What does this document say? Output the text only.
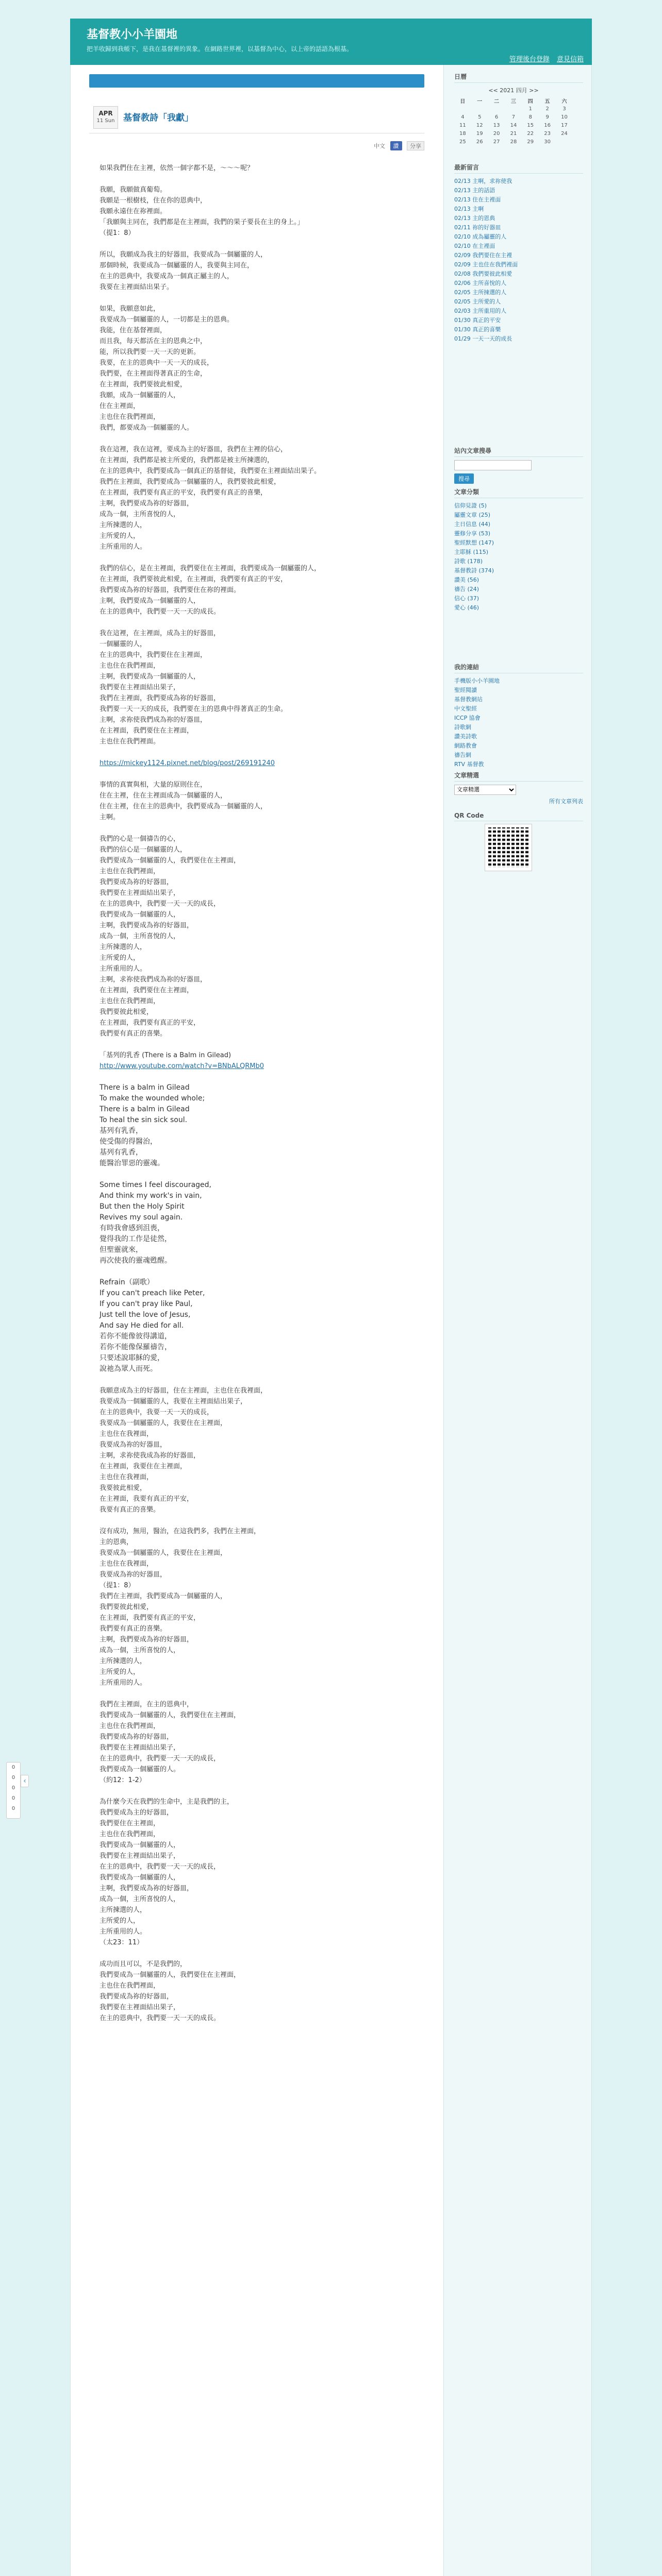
基督教小小羊園地
把羊收歸到我帳下，是我在基督裡的異象。在網路世界裡，以基督為中心，以上帝的話語為根基。
管理後台登錄 意見信箱
APR
11 Sun 基督教詩「我獻」
中文 讚 分享

如果我們住在主裡，依然一個字都不是，～～～呢？

我願，我願做真葡萄。
我願是一根樹枝，住在你的恩典中，
我願永遠住在祢裡面。
「我願與主同在，我們都是在主裡面，我們的果子要長在主的身上。」
（提1：8）

所以，我願成為我主的好器皿，我要成為一個屬靈的人，
那個時候，我要成為一個屬靈的人，我要與主同在，
在主的恩典中，我要成為一個真正屬主的人，
我要在主裡面結出果子。

如果，我願意如此，
我要成為一個屬靈的人，一切都是主的恩典。
我能，住在基督裡面，
而且我，每天都活在主的恩典之中，
能，所以我們要一天一天的更新。
我要，在主的恩典中一天一天的成長，
我們要，在主裡面得著真正的生命，
在主裡面，我們要彼此相愛，
我願，成為一個屬靈的人，
住在主裡面，
主也住在我們裡面，
我們，都要成為一個屬靈的人。

我在這裡，我在這裡，要成為主的好器皿，我們在主裡的信心，
在主裡面，我們都是被主所愛的，我們都是被主所揀選的，
在主的恩典中，我們要成為一個真正的基督徒，我們要在主裡面結出果子。
我們在主裡面，我們要成為一個屬靈的人，我們要彼此相愛，
在主裡面，我們要有真正的平安，我們要有真正的喜樂，
主啊，我們要成為祢的好器皿，
成為一個，主所喜悅的人，
主所揀選的人，
主所愛的人，
主所重用的人。

我們的信心，是在主裡面，我們要住在主裡面，我們要成為一個屬靈的人，
在主裡面，我們要彼此相愛，在主裡面，我們要有真正的平安，
我們要成為祢的好器皿，我們要住在祢的裡面。
主啊，我們要成為一個屬靈的人，
在主的恩典中，我們要一天一天的成長。

我在這裡，在主裡面，成為主的好器皿，
一個屬靈的人，
在主的恩典中，我們要住在主裡面，
主也住在我們裡面，
主啊，我們要成為一個屬靈的人，
我們要在主裡面結出果子，
我們在主裡面，我們要成為祢的好器皿，
我們要一天一天的成長，我們要在主的恩典中得著真正的生命。
主啊，求祢使我們成為祢的好器皿，
在主裡面，我們要住在主裡面，
主也住在我們裡面。

https://mickey1124.pixnet.net/blog/post/269191240

事情的真實與相，大量的原則住在，
住在主裡，住在主裡面成為一個屬靈的人，
住在主裡，住在主的恩典中，我們要成為一個屬靈的人，
主啊。

我們的心是一個禱告的心，
我們的信心是一個屬靈的人，
我們要成為一個屬靈的人，我們要住在主裡面，
主也住在我們裡面，
我們要成為祢的好器皿，
我們要在主裡面結出果子，
在主的恩典中，我們要一天一天的成長，
我們要成為一個屬靈的人，
主啊，我們要成為祢的好器皿，
成為一個，主所喜悅的人，
主所揀選的人，
主所愛的人，
主所重用的人。
主啊，求祢使我們成為祢的好器皿，
在主裡面，我們要住在主裡面，
主也住在我們裡面，
我們要彼此相愛，
在主裡面，我們要有真正的平安，
我們要有真正的喜樂。

「基列的乳香 (There is a Balm in Gilead)

http://www.youtube.com/watch?v=BNbALQRMb0

There is a balm in Gilead
To make the wounded whole;
There is a balm in Gilead
To heal the sin sick soul.
基列有乳香，
使受傷的得醫治，
基列有乳香，
能醫治罪惡的靈魂。

Some times I feel discouraged,
And think my work's in vain,
But then the Holy Spirit
Revives my soul again.
有時我會感到沮喪，
覺得我的工作是徒然，
但聖靈就來，
再次使我的靈魂甦醒。

Refrain（副歌）
If you can't preach like Peter,
If you can't pray like Paul,
Just tell the love of Jesus,
And say He died for all.
若你不能像彼得講道，
若你不能像保羅禱告，
只要述說耶穌的愛，
說祂為眾人而死。

我願意成為主的好器皿，住在主裡面，主也住在我裡面，
我要成為一個屬靈的人，我要在主裡面結出果子，
在主的恩典中，我要一天一天的成長，
我要成為一個屬靈的人，我要住在主裡面，
主也住在我裡面，
我要成為祢的好器皿，
主啊，求祢使我成為祢的好器皿，
在主裡面，我要住在主裡面，
主也住在我裡面，
我要彼此相愛，
在主裡面，我要有真正的平安，
我要有真正的喜樂。

沒有成功，無用，醫治，在這我們多，我們在主裡面，
主的恩典，
我要成為一個屬靈的人，我要住在主裡面，
主也住在我裡面，
我要成為祢的好器皿，
（提1：8）
我們在主裡面，我們要成為一個屬靈的人，
我們要彼此相愛，
在主裡面，我們要有真正的平安，
我們要有真正的喜樂。
主啊，我們要成為祢的好器皿，
成為一個，主所喜悅的人，
主所揀選的人，
主所愛的人，
主所重用的人。

我們在主裡面，在主的恩典中，
我們要成為一個屬靈的人，我們要住在主裡面，
主也住在我們裡面，
我們要成為祢的好器皿，
我們要在主裡面結出果子，
在主的恩典中，我們要一天一天的成長，
我們要成為一個屬靈的人。
（約12：1-2）

為什麼今天在我們的生命中，主是我們的主，
我們要成為主的好器皿，
我們要住在主裡面，
主也住在我們裡面，
我們要成為一個屬靈的人，
我們要在主裡面結出果子，
在主的恩典中，我們要一天一天的成長，
我們要成為一個屬靈的人，
主啊，我們要成為祢的好器皿，
成為一個，主所喜悅的人，
主所揀選的人，
主所愛的人，
主所重用的人。
（太23：11）

成功而且可以，不是我們的，
我們要成為一個屬靈的人，我們要住在主裡面，
主也住在我們裡面，
我們要成為祢的好器皿，
我們要在主裡面結出果子，
在主的恩典中，我們要一天一天的成長。

日曆
<< 2021 四月 >>
日	一	二	三	四	五	六
				1	2	3
4	5	6	7	8	9	10
11	12	13	14	15	16	17
18	19	20	21	22	23	24
25	26	27	28	29	30	
最新留言
02/13 主啊，求祢使我
02/13 主的話語
02/13 住在主裡面
02/13 主啊
02/13 主的恩典
02/11 祢的好器皿
02/10 成為屬靈的人
02/10 在主裡面
02/09 我們要住在主裡
02/09 主也住在我們裡面
02/08 我們要彼此相愛
02/06 主所喜悅的人
02/05 主所揀選的人
02/05 主所愛的人
02/03 主所重用的人
01/30 真正的平安
01/30 真正的喜樂
01/29 一天一天的成長
站內文章搜尋
搜尋
文章分類
信仰見證 (5)
屬靈文章 (25)
主日信息 (44)
靈修分享 (53)
聖經默想 (147)
主耶穌 (115)
詩歌 (178)
基督教詩 (374)
讚美 (56)
禱告 (24)
信心 (37)
愛心 (46)
我的連結
手機版小小羊園地
聖經閱讀
基督教網站
中文聖經
ICCP 協會
詩歌網
讚美詩歌
網路教會
禱告網
RTV 基督教
文章精選
文章精選
所有文章列表
QR Code
0
0
0
0
0
‹
